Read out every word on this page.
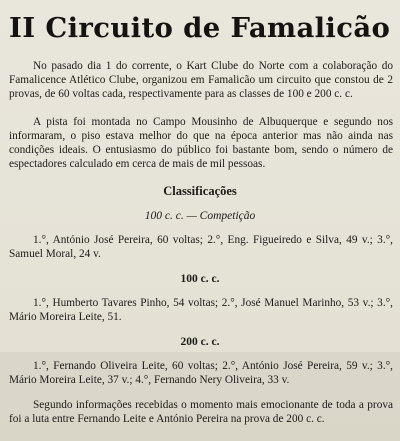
II Circuito de Famalicão

No pasado dia 1 do corrente, o Kart Clube do Norte com a colaboração do Famalicence Atlético Clube, organizou em Famalicão um circuito que constou de 2 provas, de 60 voltas cada, respectivamente para as classes de 100 e 200 c. c.

A pista foi montada no Campo Mousinho de Albuquerque e segundo nos informaram, o piso estava melhor do que na época anterior mas não ainda nas condições ideais. O entusiasmo do público foi bastante bom, sendo o número de espectadores calculado em cerca de mais de mil pessoas.

Classificações
100 c. c. — Competição

1.°, António José Pereira, 60 voltas; 2.°, Eng. Figueiredo e Silva, 49 v.; 3.°, Samuel Moral, 24 v.

100 c. c.

1.°, Humberto Tavares Pinho, 54 voltas; 2.°, José Manuel Marinho, 53 v.; 3.°, Mário Moreira Leite, 51.

200 c. c.

1.°, Fernando Oliveira Leite, 60 voltas; 2.°, António José Pereira, 59 v.; 3.°, Mário Moreira Leite, 37 v.; 4.°, Fernando Nery Oliveira, 33 v.

Segundo informações recebidas o momento mais emocionante de toda a prova foi a luta entre Fernando Leite e António Pereira na prova de 200 c. c.
